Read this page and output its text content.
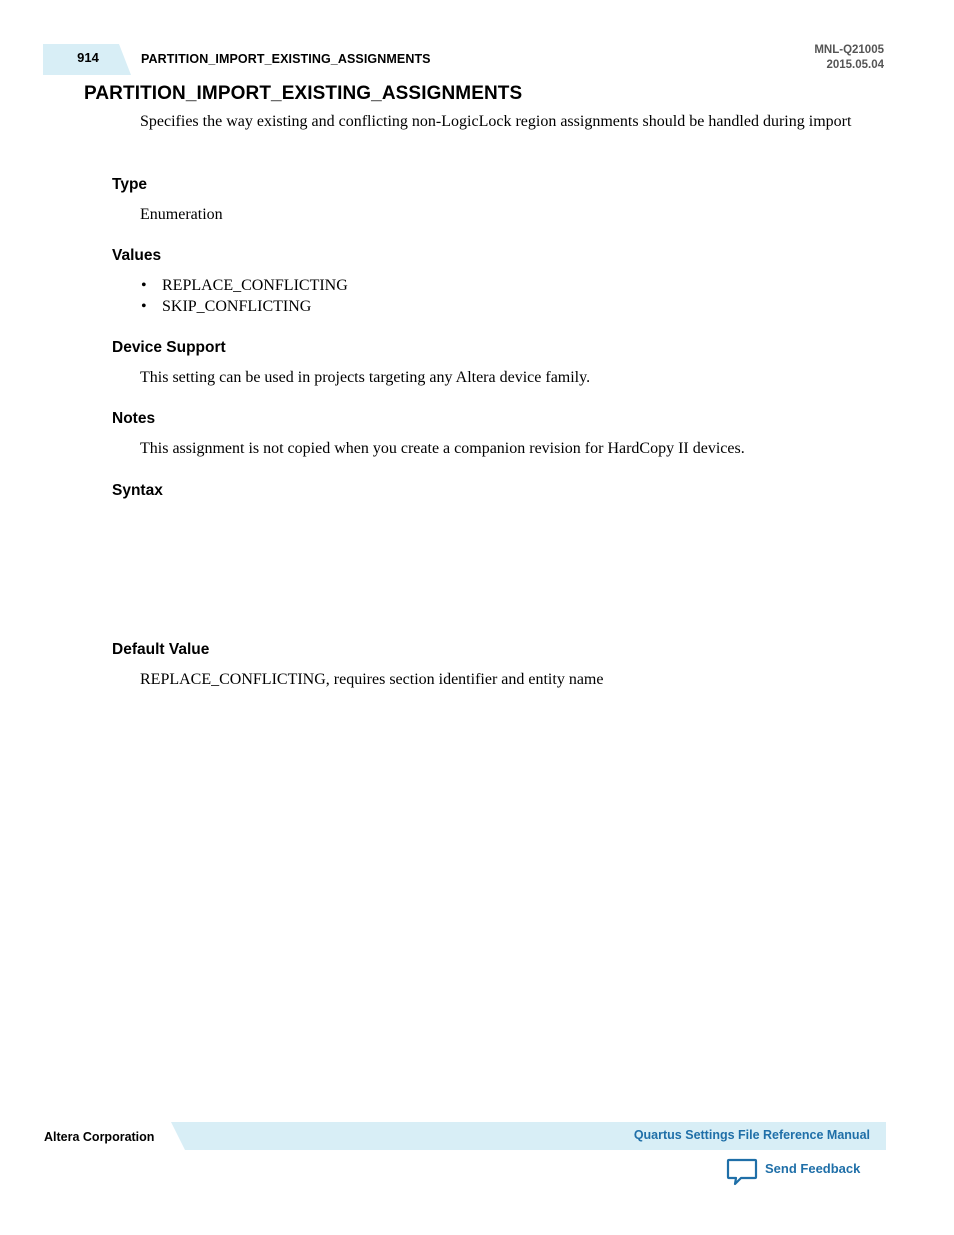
914	PARTITION_IMPORT_EXISTING_ASSIGNMENTS
MNL-Q21005
2015.05.04
PARTITION_IMPORT_EXISTING_ASSIGNMENTS
Specifies the way existing and conflicting non-LogicLock region assignments should be handled during import
Type
Enumeration
Values
• REPLACE_CONFLICTING
• SKIP_CONFLICTING
Device Support
This setting can be used in projects targeting any Altera device family.
Notes
This assignment is not copied when you create a companion revision for HardCopy II devices.
Syntax
Default Value
REPLACE_CONFLICTING, requires section identifier and entity name
Altera Corporation	Quartus Settings File Reference Manual
Send Feedback
